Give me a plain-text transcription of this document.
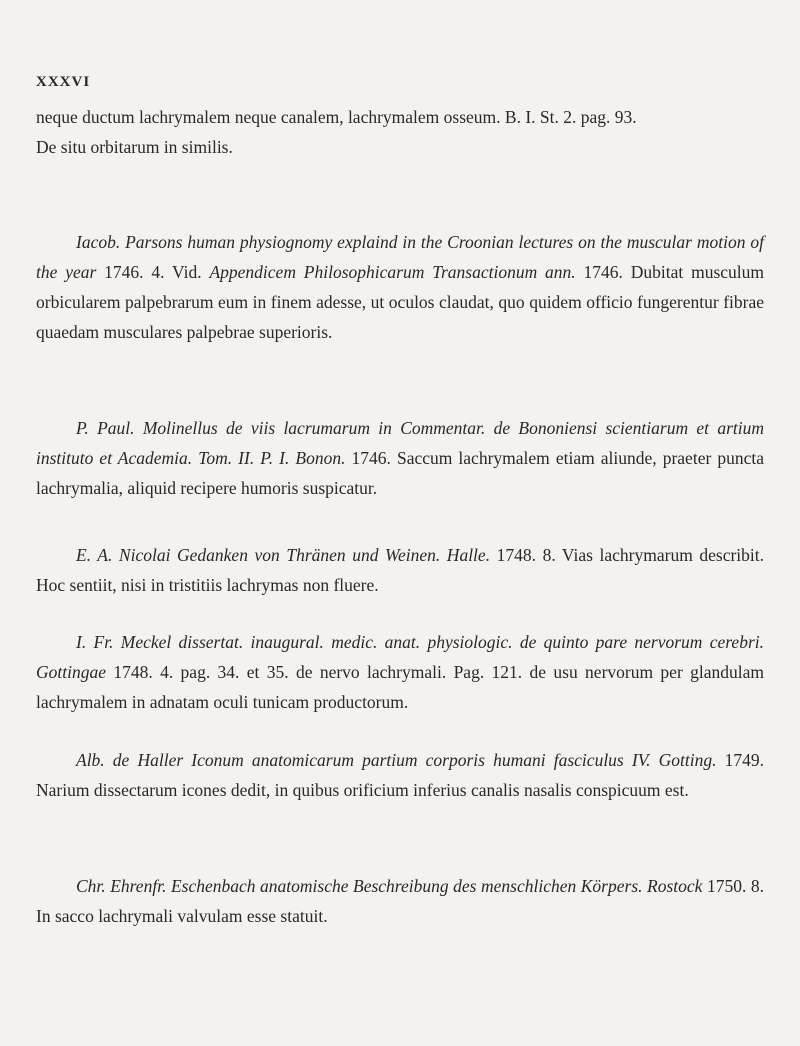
XXXVI
neque ductum lachrymalem neque canalem, lachrymalem osseum. B. I. St. 2. pag. 93.
De situ orbitarum in similis.
Iacob. Parsons human physiognomy explaind in the Croonian lectures on the muscular motion of the year 1746. 4. Vid. Appendicem Philosophicarum Transactionum ann. 1746. Dubitat musculum orbicularem palpebrarum eum in finem adesse, ut oculos claudat, quo quidem officio fungerentur fibrae quaedam musculares palpebrae superioris.
P. Paul. Molinellus de viis lacrumarum in Commentar. de Bononiensi scientiarum et artium instituto et Academia. Tom. II. P. I. Bonon. 1746. Saccum lachrymalem etiam aliunde, praeter puncta lachrymalia, aliquid recipere humoris suspicatur.
E. A. Nicolai Gedanken von Thränen und Weinen. Halle. 1748. 8. Vias lachrymarum describit. Hoc sentiit, nisi in tristitiis lachrymas non fluere.
I. Fr. Meckel dissertat. inaugural. medic. anat. physiologic. de quinto pare nervorum cerebri. Gottingae 1748. 4. pag. 34. et 35. de nervo lachrymali. Pag. 121. de usu nervorum per glandulam lachrymalem in adnatam oculi tunicam productorum.
Alb. de Haller Iconum anatomicarum partium corporis humani fasciculus IV. Gotting. 1749. Narium dissectarum icones dedit, in quibus orificium inferius canalis nasalis conspicuum est.
Chr. Ehrenfr. Eschenbach anatomische Beschreibung des menschlichen Körpers. Rostock 1750. 8. In sacco lachrymali valvulam esse statuit.
